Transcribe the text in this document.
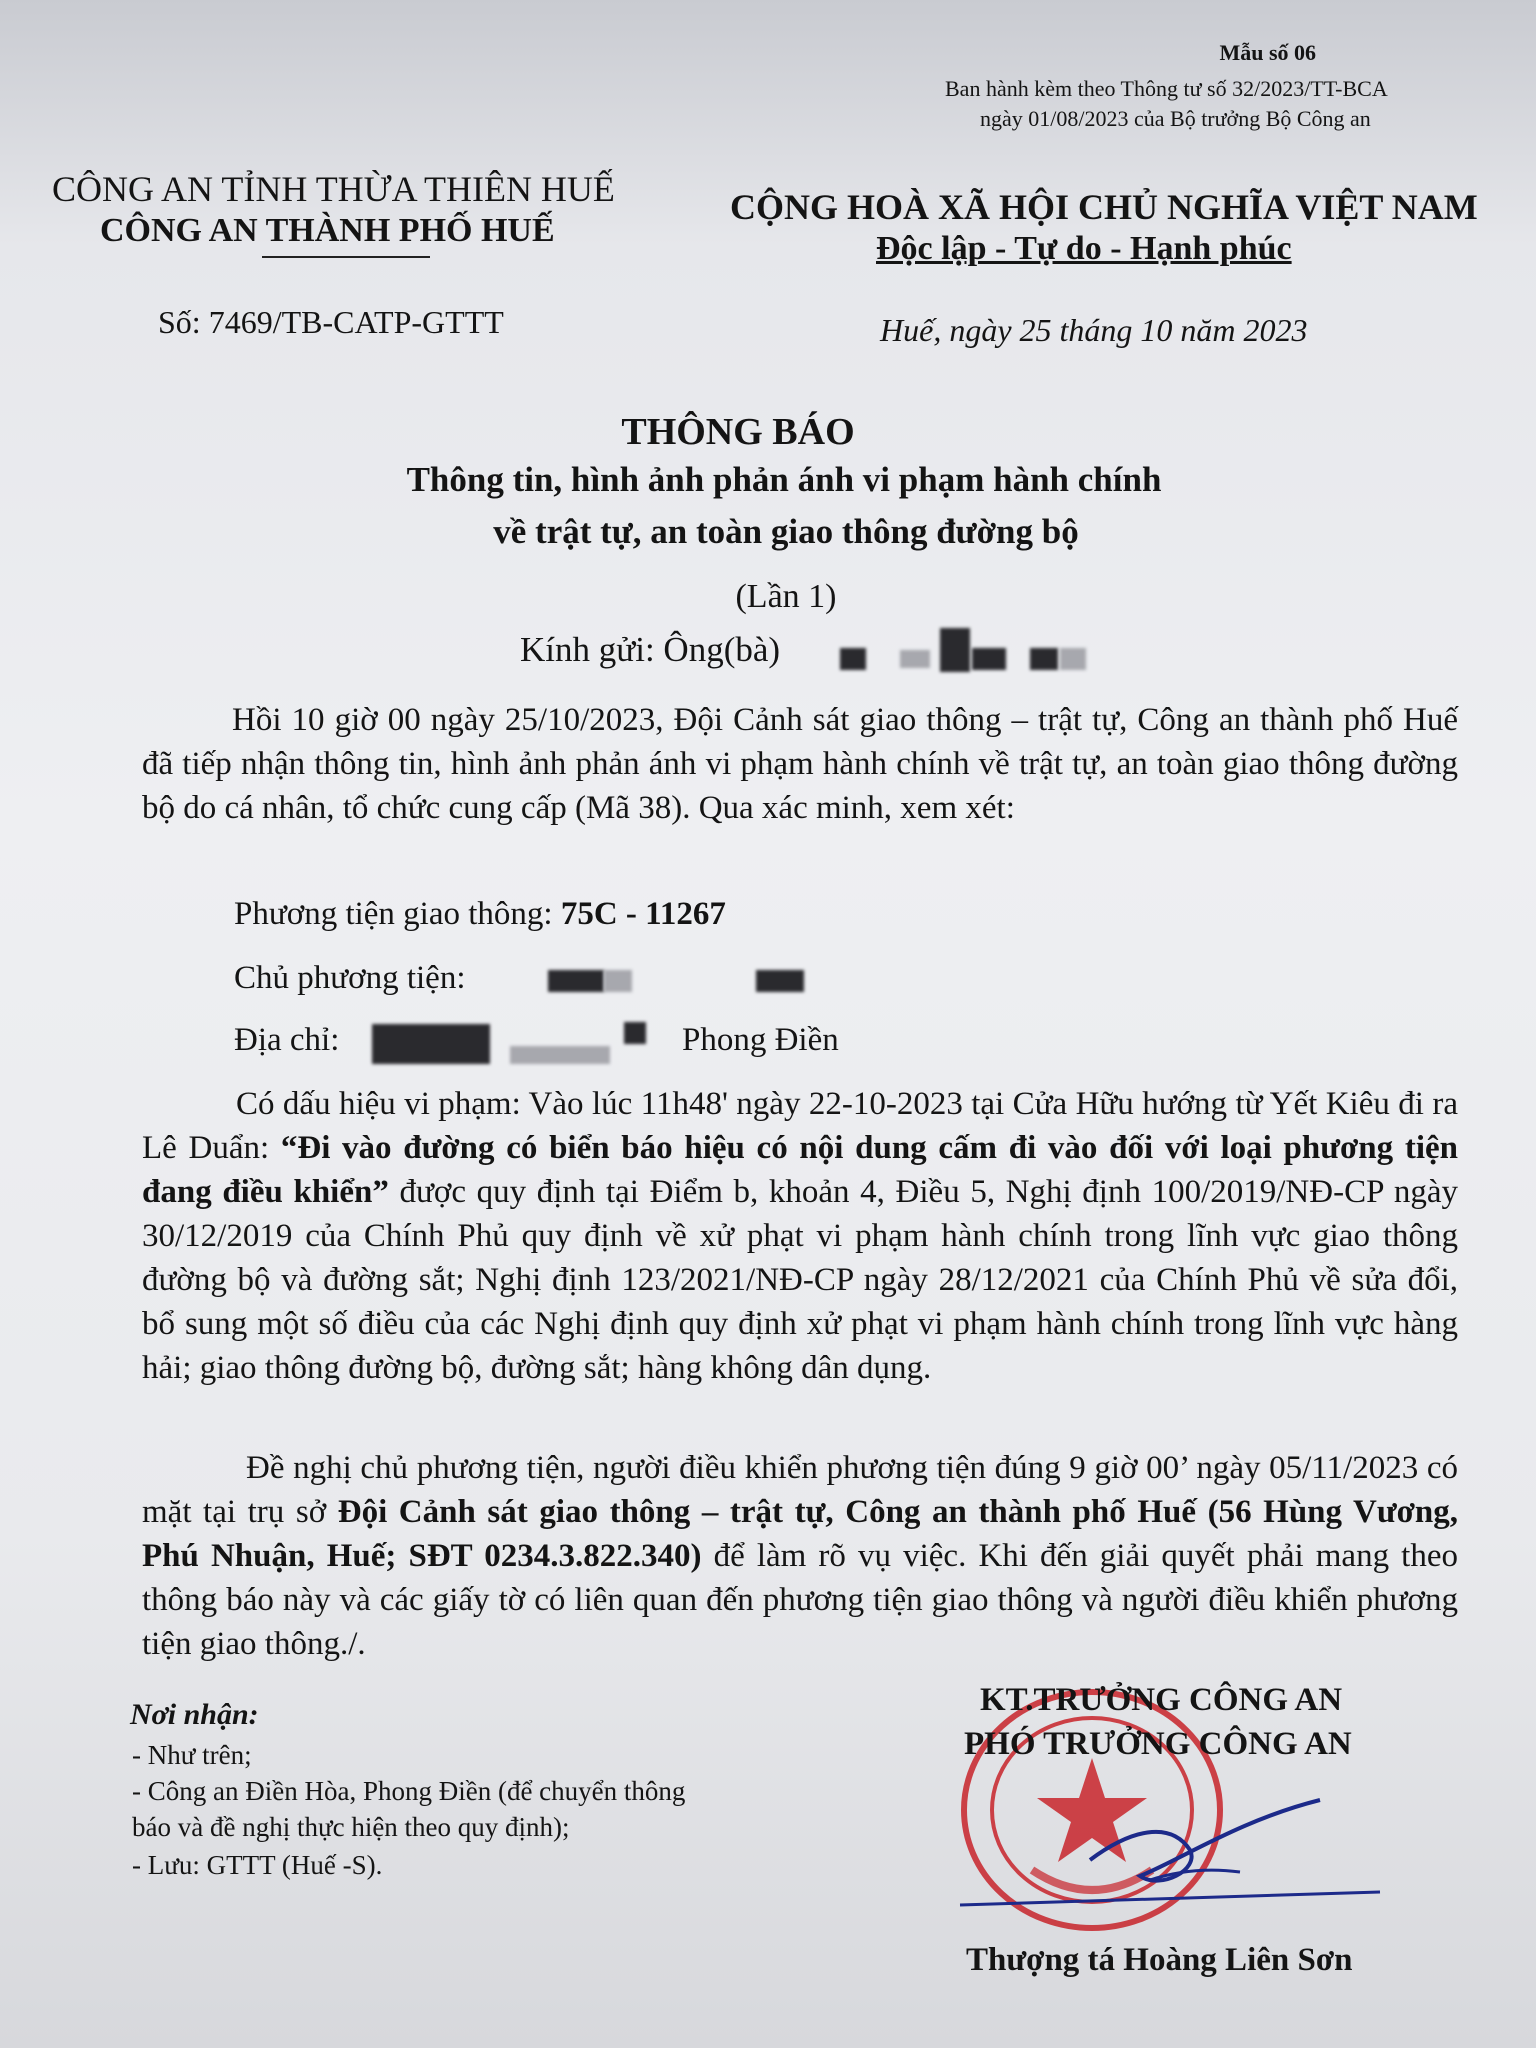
Mẫu số 06
Ban hành kèm theo Thông tư số 32/2023/TT-BCA
ngày 01/08/2023 của Bộ trưởng Bộ Công an
CÔNG AN TỈNH THỪA THIÊN HUẾ
CÔNG AN THÀNH PHỐ HUẾ
CỘNG HOÀ XÃ HỘI CHỦ NGHĨA VIỆT NAM
Độc lập - Tự do - Hạnh phúc
Số: 7469/TB-CATP-GTTT	Huế, ngày 25 tháng 10 năm 2023
THÔNG BÁO
Thông tin, hình ảnh phản ánh vi phạm hành chính
về trật tự, an toàn giao thông đường bộ
(Lần 1)
Kính gửi: Ông(bà)
Hồi 10 giờ 00 ngày 25/10/2023, Đội Cảnh sát giao thông – trật tự, Công an thành phố Huế đã tiếp nhận thông tin, hình ảnh phản ánh vi phạm hành chính về trật tự, an toàn giao thông đường bộ do cá nhân, tổ chức cung cấp (Mã 38). Qua xác minh, xem xét:
Phương tiện giao thông: 75C - 11267
Chủ phương tiện:
Địa chỉ:	Phong Điền
Có dấu hiệu vi phạm: Vào lúc 11h48' ngày 22-10-2023 tại Cửa Hữu hướng từ Yết Kiêu đi ra Lê Duẩn: “Đi vào đường có biển báo hiệu có nội dung cấm đi vào đối với loại phương tiện đang điều khiển” được quy định tại Điểm b, khoản 4, Điều 5, Nghị định 100/2019/NĐ-CP ngày 30/12/2019 của Chính Phủ quy định về xử phạt vi phạm hành chính trong lĩnh vực giao thông đường bộ và đường sắt; Nghị định 123/2021/NĐ-CP ngày 28/12/2021 của Chính Phủ về sửa đổi, bổ sung một số điều của các Nghị định quy định xử phạt vi phạm hành chính trong lĩnh vực hàng hải; giao thông đường bộ, đường sắt; hàng không dân dụng.
Đề nghị chủ phương tiện, người điều khiển phương tiện đúng 9 giờ 00’ ngày 05/11/2023 có mặt tại trụ sở Đội Cảnh sát giao thông – trật tự, Công an thành phố Huế (56 Hùng Vương, Phú Nhuận, Huế; SĐT 0234.3.822.340) để làm rõ vụ việc. Khi đến giải quyết phải mang theo thông báo này và các giấy tờ có liên quan đến phương tiện giao thông và người điều khiển phương tiện giao thông./.
Nơi nhận:
- Như trên;
- Công an Điền Hòa, Phong Điền (để chuyển thông
báo và đề nghị thực hiện theo quy định);
- Lưu: GTTT (Huế -S).
KT.TRƯỞNG CÔNG AN
PHÓ TRƯỞNG CÔNG AN
Thượng tá Hoàng Liên Sơn
